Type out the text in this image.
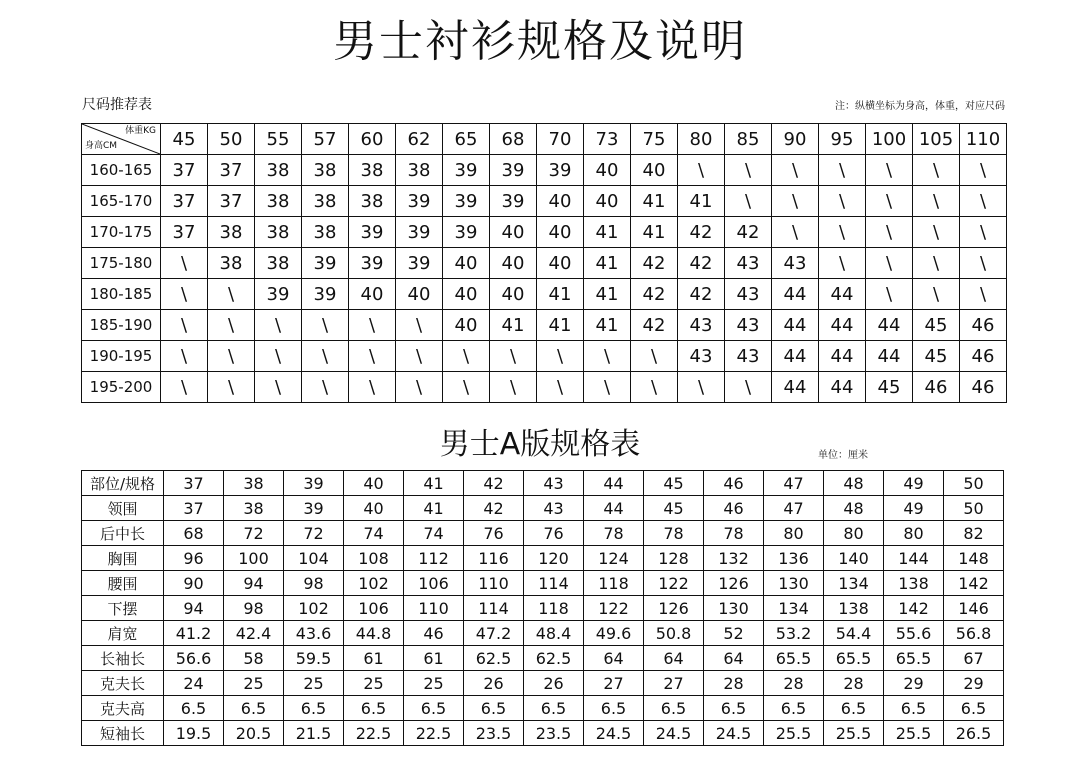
男士衬衫规格及说明
尺码推荐表	注：纵横坐标为身高，体重，对应尺码
体重KG
身高CM	45	50	55	57	60	62	65	68	70	73	75	80	85	90	95	100	105	110
160-165	37	37	38	38	38	38	39	39	39	40	40	\	\	\	\	\	\	\
165-170	37	37	38	38	38	39	39	39	40	40	41	41	\	\	\	\	\	\
170-175	37	38	38	38	39	39	39	40	40	41	41	42	42	\	\	\	\	\
175-180	\	38	38	39	39	39	40	40	40	41	42	42	43	43	\	\	\	\
180-185	\	\	39	39	40	40	40	40	41	41	42	42	43	44	44	\	\	\
185-190	\	\	\	\	\	\	40	41	41	41	42	43	43	44	44	44	45	46
190-195	\	\	\	\	\	\	\	\	\	\	\	43	43	44	44	44	45	46
195-200	\	\	\	\	\	\	\	\	\	\	\	\	\	44	44	45	46	46
男士A版规格表	单位：厘米
部位/规格	37	38	39	40	41	42	43	44	45	46	47	48	49	50
领围	37	38	39	40	41	42	43	44	45	46	47	48	49	50
后中长	68	72	72	74	74	76	76	78	78	78	80	80	80	82
胸围	96	100	104	108	112	116	120	124	128	132	136	140	144	148
腰围	90	94	98	102	106	110	114	118	122	126	130	134	138	142
下摆	94	98	102	106	110	114	118	122	126	130	134	138	142	146
肩宽	41.2	42.4	43.6	44.8	46	47.2	48.4	49.6	50.8	52	53.2	54.4	55.6	56.8
长袖长	56.6	58	59.5	61	61	62.5	62.5	64	64	64	65.5	65.5	65.5	67
克夫长	24	25	25	25	25	26	26	27	27	28	28	28	29	29
克夫高	6.5	6.5	6.5	6.5	6.5	6.5	6.5	6.5	6.5	6.5	6.5	6.5	6.5	6.5
短袖长	19.5	20.5	21.5	22.5	22.5	23.5	23.5	24.5	24.5	24.5	25.5	25.5	25.5	26.5
